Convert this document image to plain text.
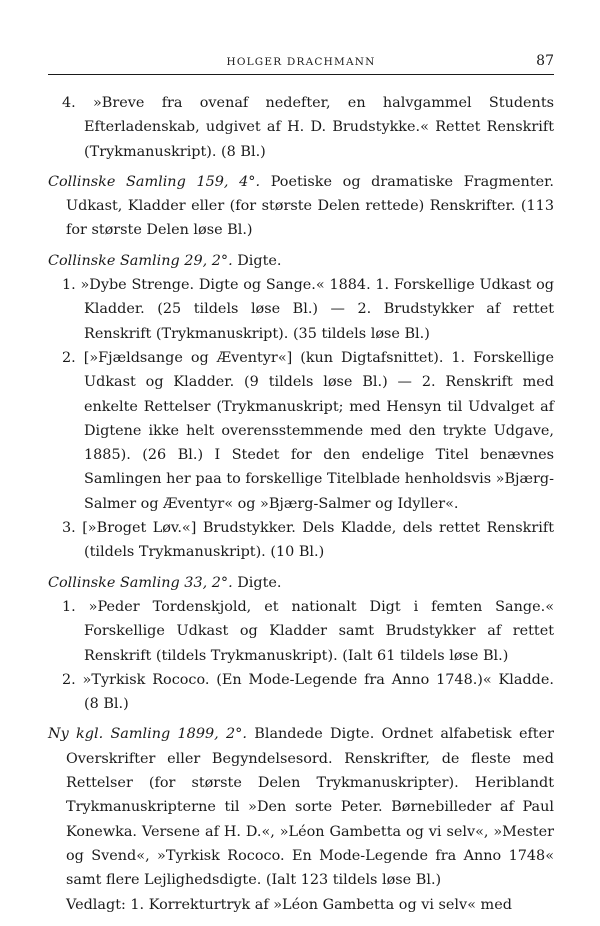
HOLGER DRACHMANN	87
4. »Breve fra ovenaf nedefter, en halvgammel Students Efterladenskab, udgivet af H. D. Brudstykke.« Rettet Renskrift (Trykmanuskript). (8 Bl.)
Collinske Samling 159, 4°. Poetiske og dramatiske Fragmenter. Udkast, Kladder eller (for største Delen rettede) Renskrifter. (113 for største Delen løse Bl.)
Collinske Samling 29, 2°. Digte.
1. »Dybe Strenge. Digte og Sange.« 1884. 1. Forskellige Udkast og Kladder. (25 tildels løse Bl.) — 2. Brudstykker af rettet Renskrift (Trykmanuskript). (35 tildels løse Bl.)
2. [»Fjældsange og Æventyr«] (kun Digtafsnittet). 1. Forskellige Udkast og Kladder. (9 tildels løse Bl.) — 2. Renskrift med enkelte Rettelser (Trykmanuskript; med Hensyn til Udvalget af Digtene ikke helt overensstemmende med den trykte Udgave, 1885). (26 Bl.) I Stedet for den endelige Titel benævnes Samlingen her paa to forskellige Titelblade henholdsvis »Bjærg-Salmer og Æventyr« og »Bjærg-Salmer og Idyller«.
3. [»Broget Løv.«] Brudstykker. Dels Kladde, dels rettet Renskrift (tildels Trykmanuskript). (10 Bl.)
Collinske Samling 33, 2°. Digte.
1. »Peder Tordenskjold, et nationalt Digt i femten Sange.« Forskellige Udkast og Kladder samt Brudstykker af rettet Renskrift (tildels Trykmanuskript). (Ialt 61 tildels løse Bl.)
2. »Tyrkisk Rococo. (En Mode-Legende fra Anno 1748.)« Kladde. (8 Bl.)
Ny kgl. Samling 1899, 2°. Blandede Digte. Ordnet alfabetisk efter Overskrifter eller Begyndelsesord. Renskrifter, de fleste med Rettelser (for største Delen Trykmanuskripter). Heriblandt Trykmanuskripterne til »Den sorte Peter. Børnebilleder af Paul Konewka. Versene af H. D.«, »Léon Gambetta og vi selv«, »Mester og Svend«, »Tyrkisk Rococo. En Mode-Legende fra Anno 1748« samt flere Lejlighedsdigte. (Ialt 123 tildels løse Bl.)
Vedlagt: 1. Korrekturtryk af »Léon Gambetta og vi selv« med
